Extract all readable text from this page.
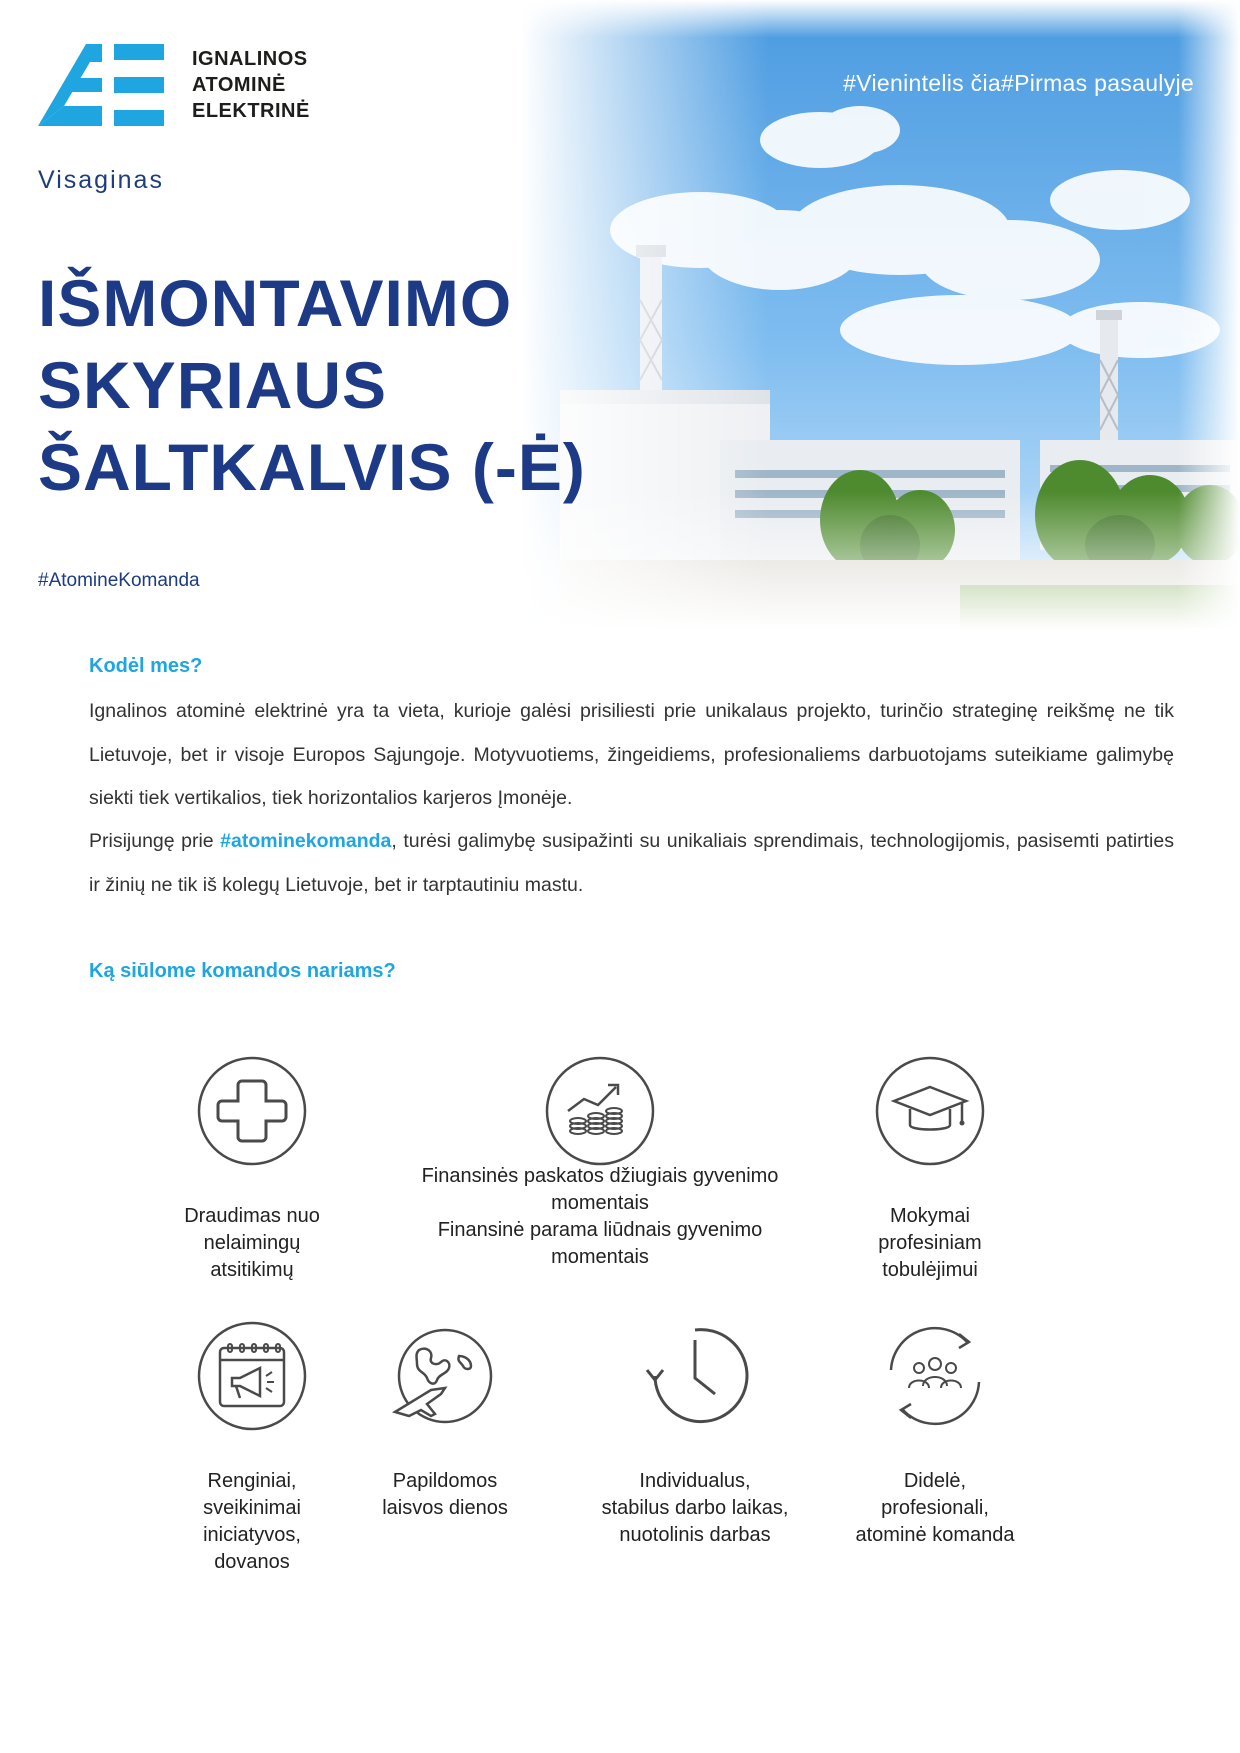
IGNALINOS
ATOMINĖ
ELEKTRINĖ
#Vienintelis čia#Pirmas pasaulyje
Visaginas
IŠMONTAVIMO
SKYRIAUS
ŠALTKALVIS (-Ė)
#AtomineKomanda
Kodėl mes?
Ignalinos atominė elektrinė yra ta vieta, kurioje galėsi prisiliesti prie unikalaus projekto, turinčio strateginę reikšmę ne tik Lietuvoje, bet ir visoje Europos Sąjungoje. Motyvuotiems, žingeidiems, profesionaliems darbuotojams suteikiame galimybę siekti tiek vertikalios, tiek horizontalios karjeros Įmonėje.
Prisijungę prie #atominekomanda, turėsi galimybę susipažinti su unikaliais sprendimais, technologijomis, pasisemti patirties ir žinių ne tik iš kolegų Lietuvoje, bet ir tarptautiniu mastu.
Ką siūlome komandos nariams?
Draudimas nuo
nelaimingų
atsitikimų
Finansinės paskatos džiugiais gyvenimo
momentais
Finansinė parama liūdnais gyvenimo
momentais
Mokymai
profesiniam
tobulėjimui
Renginiai,
sveikinimai
iniciatyvos,
dovanos
Papildomos
laisvos dienos
Individualus,
stabilus darbo laikas,
nuotolinis darbas
Didelė,
profesionali,
atominė komanda
